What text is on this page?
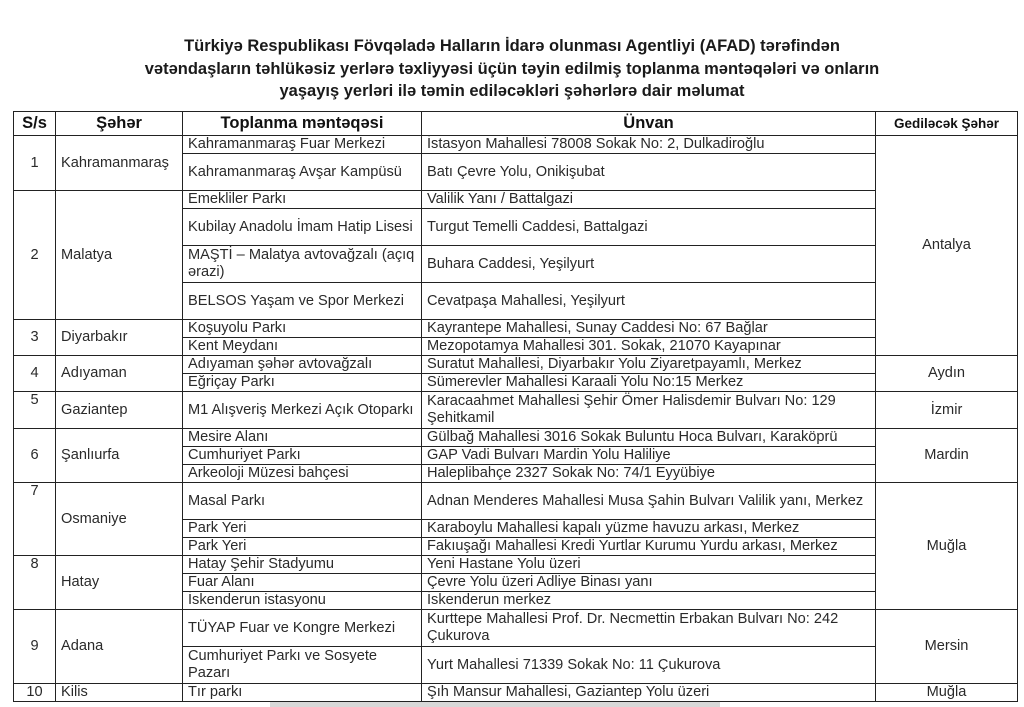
Türkiyə Respublikası Fövqəladə Halların İdarə olunması Agentliyi (AFAD) tərəfindən
vətəndaşların təhlükəsiz yerlərə təxliyyəsi üçün təyin edilmiş toplanma məntəqələri və onların
yaşayış yerləri ilə təmin ediləcəkləri şəhərlərə dair məlumat
S/s	Şəhər	Toplanma məntəqəsi	Ünvan	Gedilәcәk Şәhәr
1	Kahramanmaraş	Kahramanmaraş Fuar Merkezi	İstasyon Mahallesi 78008 Sokak No: 2, Dulkadiroğlu	Antalya
		Kahramanmaraş Avşar Kampüsü	Batı Çevre Yolu, Onikişubat	
2	Malatya	Emekliler Parkı	Valilik Yanı / Battalgazi	
		Kubilay Anadolu İmam Hatip Lisesi	Turgut Temelli Caddesi, Battalgazi	
		MAŞTİ – Malatya avtovağzalı (açıq ərazi)	Buhara Caddesi, Yeşilyurt	
		BELSOS Yaşam ve Spor Merkezi	Cevatpaşa Mahallesi, Yeşilyurt	
3	Diyarbakır	Koşuyolu Parkı	Kayrantepe Mahallesi, Sunay Caddesi No: 67 Bağlar	
		Kent Meydanı	Mezopotamya Mahallesi 301. Sokak, 21070 Kayapınar	
4	Adıyaman	Adıyaman şəhər avtovağzalı	Suratut Mahallesi, Diyarbakır Yolu Ziyaretpayamlı, Merkez	Aydın
		Eğriçay Parkı	Sümerevler Mahallesi Karaali Yolu No:15 Merkez	
5	Gaziantep	M1 Alışveriş Merkezi Açık Otoparkı	Karacaahmet Mahallesi Şehir Ömer Halisdemir Bulvarı No: 129 Şehitkamil	İzmir
6	Şanlıurfa	Mesire Alanı	Gülbağ Mahallesi 3016 Sokak Buluntu Hoca Bulvarı, Karaköprü	Mardin
		Cumhuriyet Parkı	GAP Vadi Bulvarı Mardin Yolu Haliliye	
		Arkeoloji Müzesi bahçesi	Haleplibahçe 2327 Sokak No: 74/1 Eyyübiye	
7	Osmaniye	Masal Parkı	Adnan Menderes Mahallesi Musa Şahin Bulvarı Valilik yanı, Merkez	Muğla
		Park Yeri	Karaboylu Mahallesi kapalı yüzme havuzu arkası, Merkez	
		Park Yeri	Fakıuşağı Mahallesi Kredi Yurtlar Kurumu Yurdu arkası, Merkez	
8	Hatay	Hatay Şehir Stadyumu	Yeni Hastane Yolu üzeri	
		Fuar Alanı	Çevre Yolu üzeri Adliye Binası yanı	
		İskenderun istasyonu	İskenderun merkez	
9	Adana	TÜYAP Fuar ve Kongre Merkezi	Kurttepe Mahallesi Prof. Dr. Necmettin Erbakan Bulvarı No: 242 Çukurova	Mersin
		Cumhuriyet Parkı ve Sosyete Pazarı	Yurt Mahallesi 71339 Sokak No: 11 Çukurova	
10	Kilis	Tır parkı	Şıh Mansur Mahallesi, Gaziantep Yolu üzeri	Muğla
